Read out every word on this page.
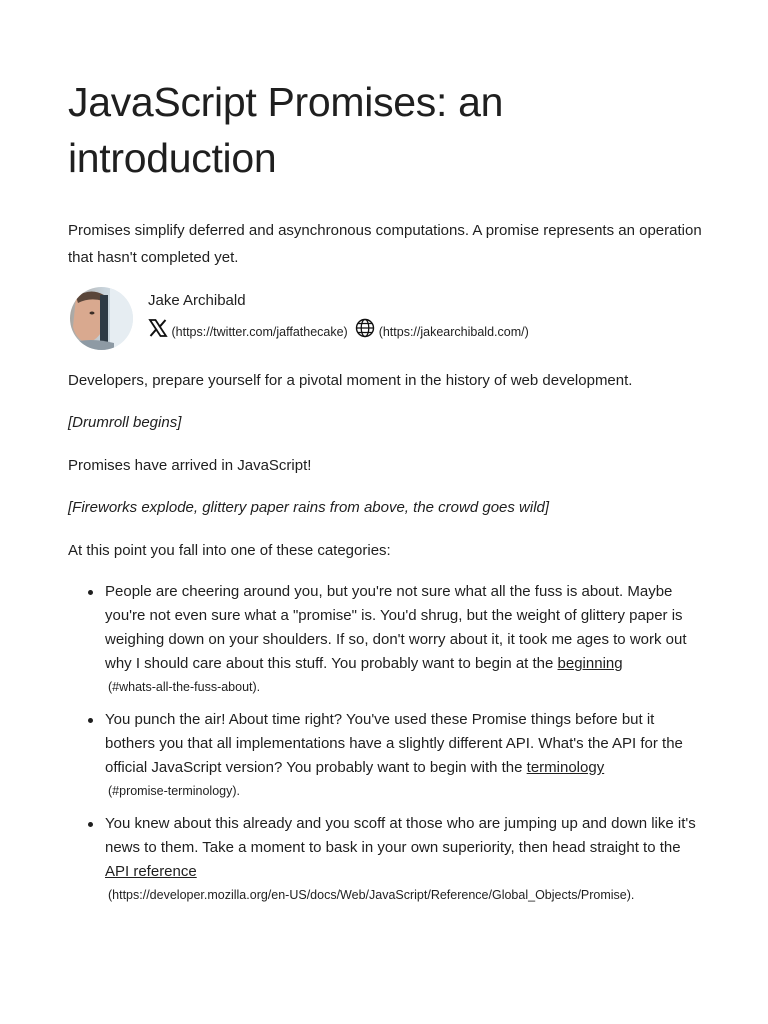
JavaScript Promises: an introduction

Promises simplify deferred and asynchronous computations. A promise represents an operation that hasn't completed yet.

Jake Archibald
(https://twitter.com/jaffathecake) (https://jakearchibald.com/)

Developers, prepare yourself for a pivotal moment in the history of web development.

[Drumroll begins]

Promises have arrived in JavaScript!

[Fireworks explode, glittery paper rains from above, the crowd goes wild]

At this point you fall into one of these categories:

People are cheering around you, but you're not sure what all the fuss is about. Maybe you're not even sure what a "promise" is. You'd shrug, but the weight of glittery paper is weighing down on your shoulders. If so, don't worry about it, it took me ages to work out why I should care about this stuff. You probably want to begin at the beginning
(#whats-all-the-fuss-about).
You punch the air! About time right? You've used these Promise things before but it bothers you that all implementations have a slightly different API. What's the API for the official JavaScript version? You probably want to begin with the terminology
(#promise-terminology).
You knew about this already and you scoff at those who are jumping up and down like it's news to them. Take a moment to bask in your own superiority, then head straight to the API reference
(https://developer.mozilla.org/en-US/docs/Web/JavaScript/Reference/Global_Objects/Promise).
